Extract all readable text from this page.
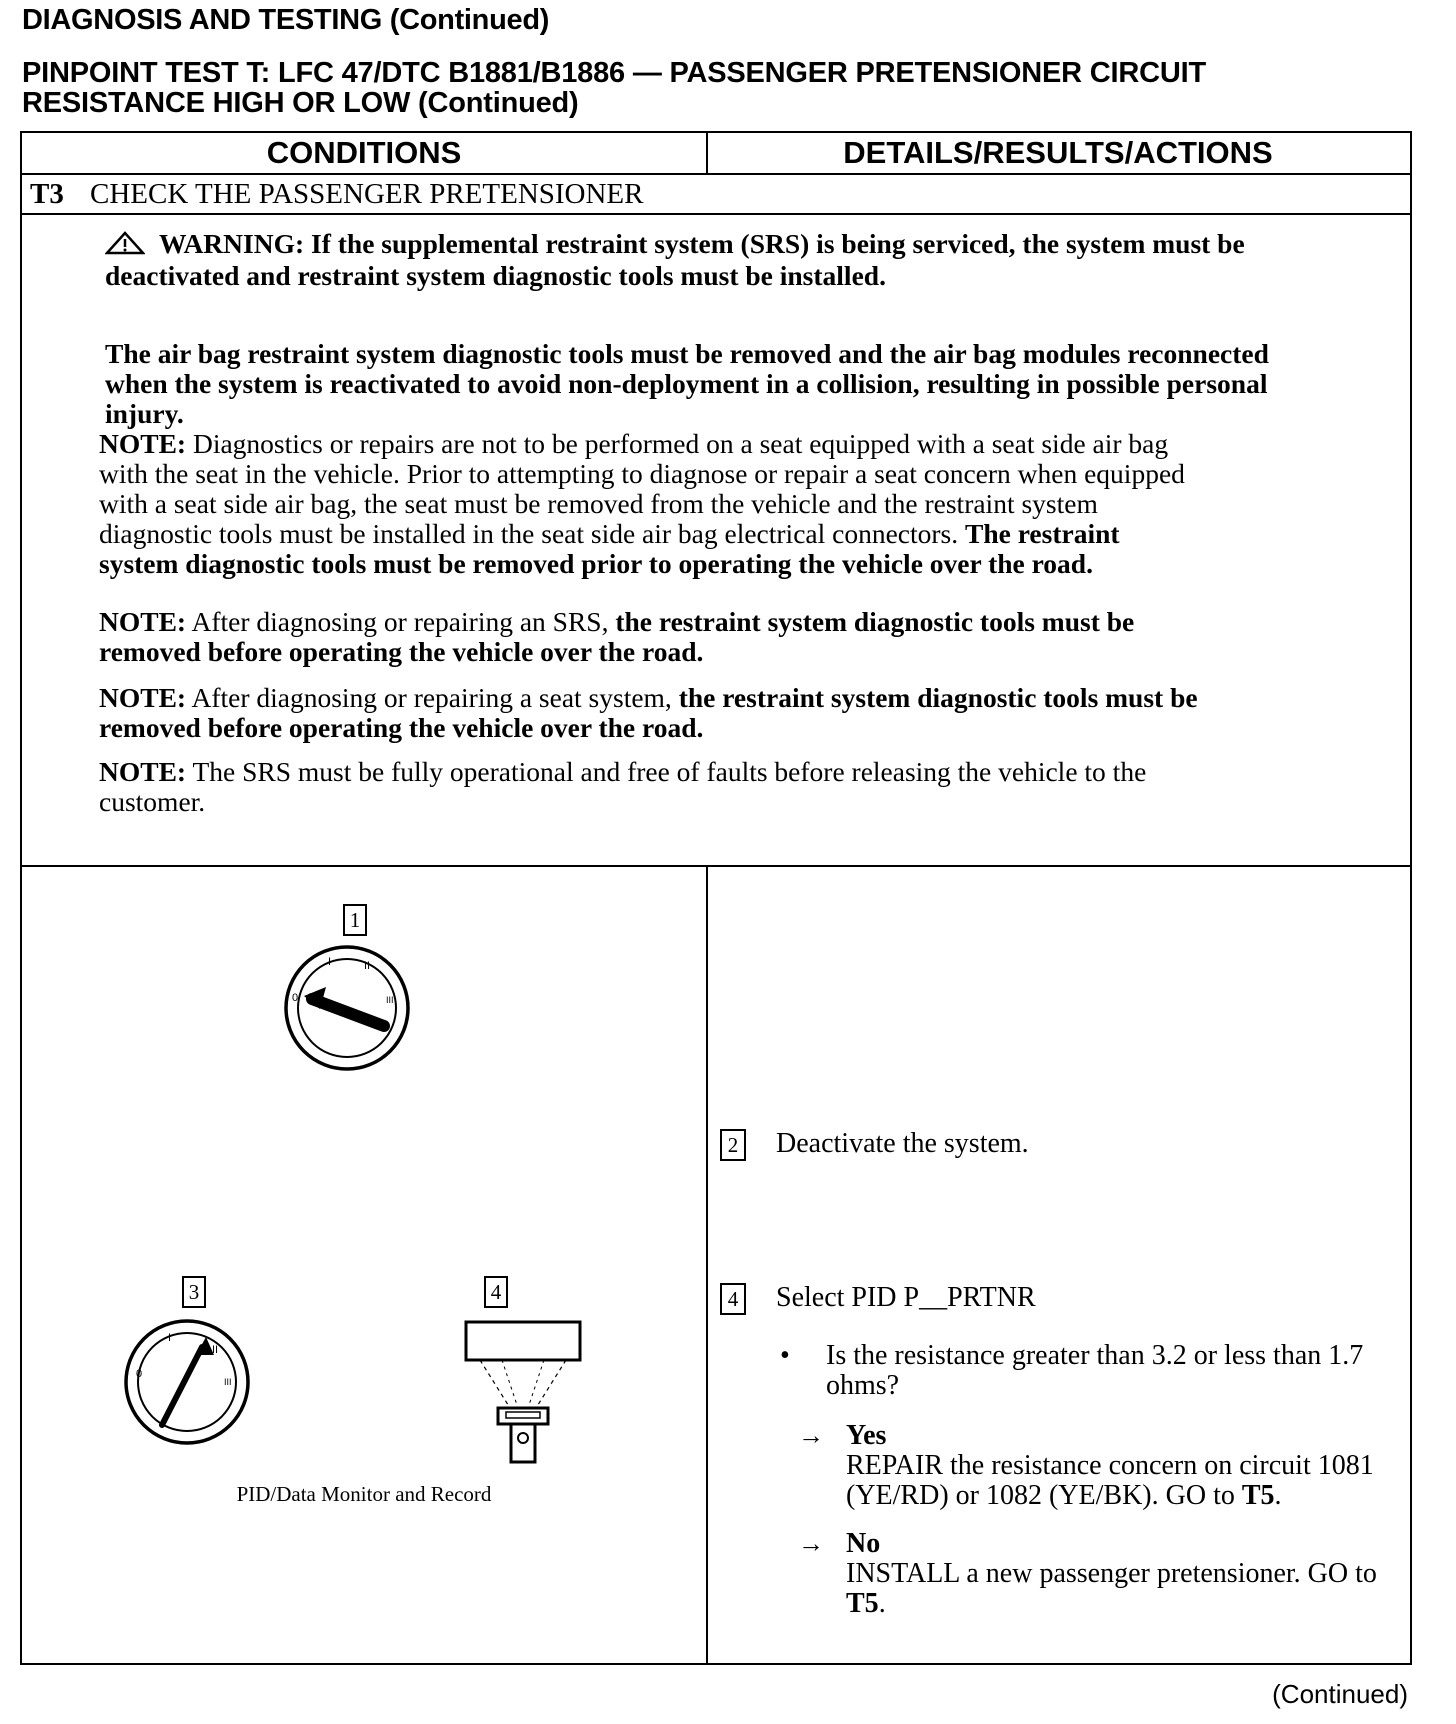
DIAGNOSIS AND TESTING (Continued)
PINPOINT TEST T: LFC 47/DTC B1881/B1886 — PASSENGER PRETENSIONER CIRCUIT
RESISTANCE HIGH OR LOW (Continued)
CONDITIONS	DETAILS/RESULTS/ACTIONS
T3 CHECK THE PASSENGER PRETENSIONER
WARNING: If the supplemental restraint system (SRS) is being serviced, the system must be deactivated and restraint system diagnostic tools must be installed.
The air bag restraint system diagnostic tools must be removed and the air bag modules reconnected when the system is reactivated to avoid non-deployment in a collision, resulting in possible personal injury.
NOTE: Diagnostics or repairs are not to be performed on a seat equipped with a seat side air bag with the seat in the vehicle. Prior to attempting to diagnose or repair a seat concern when equipped with a seat side air bag, the seat must be removed from the vehicle and the restraint system diagnostic tools must be installed in the seat side air bag electrical connectors. The restraint system diagnostic tools must be removed prior to operating the vehicle over the road.
NOTE: After diagnosing or repairing an SRS, the restraint system diagnostic tools must be removed before operating the vehicle over the road.
NOTE: After diagnosing or repairing a seat system, the restraint system diagnostic tools must be removed before operating the vehicle over the road.
NOTE: The SRS must be fully operational and free of faults before releasing the vehicle to the customer.
1
0
I	II
III
3
0
I
II
III
4
PID/Data Monitor and Record
2 Deactivate the system.
4 Select PID P__PRTNR
• Is the resistance greater than 3.2 or less than 1.7 ohms?
→ Yes
REPAIR the resistance concern on circuit 1081 (YE/RD) or 1082 (YE/BK). GO to T5.
→ No
INSTALL a new passenger pretensioner. GO to T5.
(Continued)
